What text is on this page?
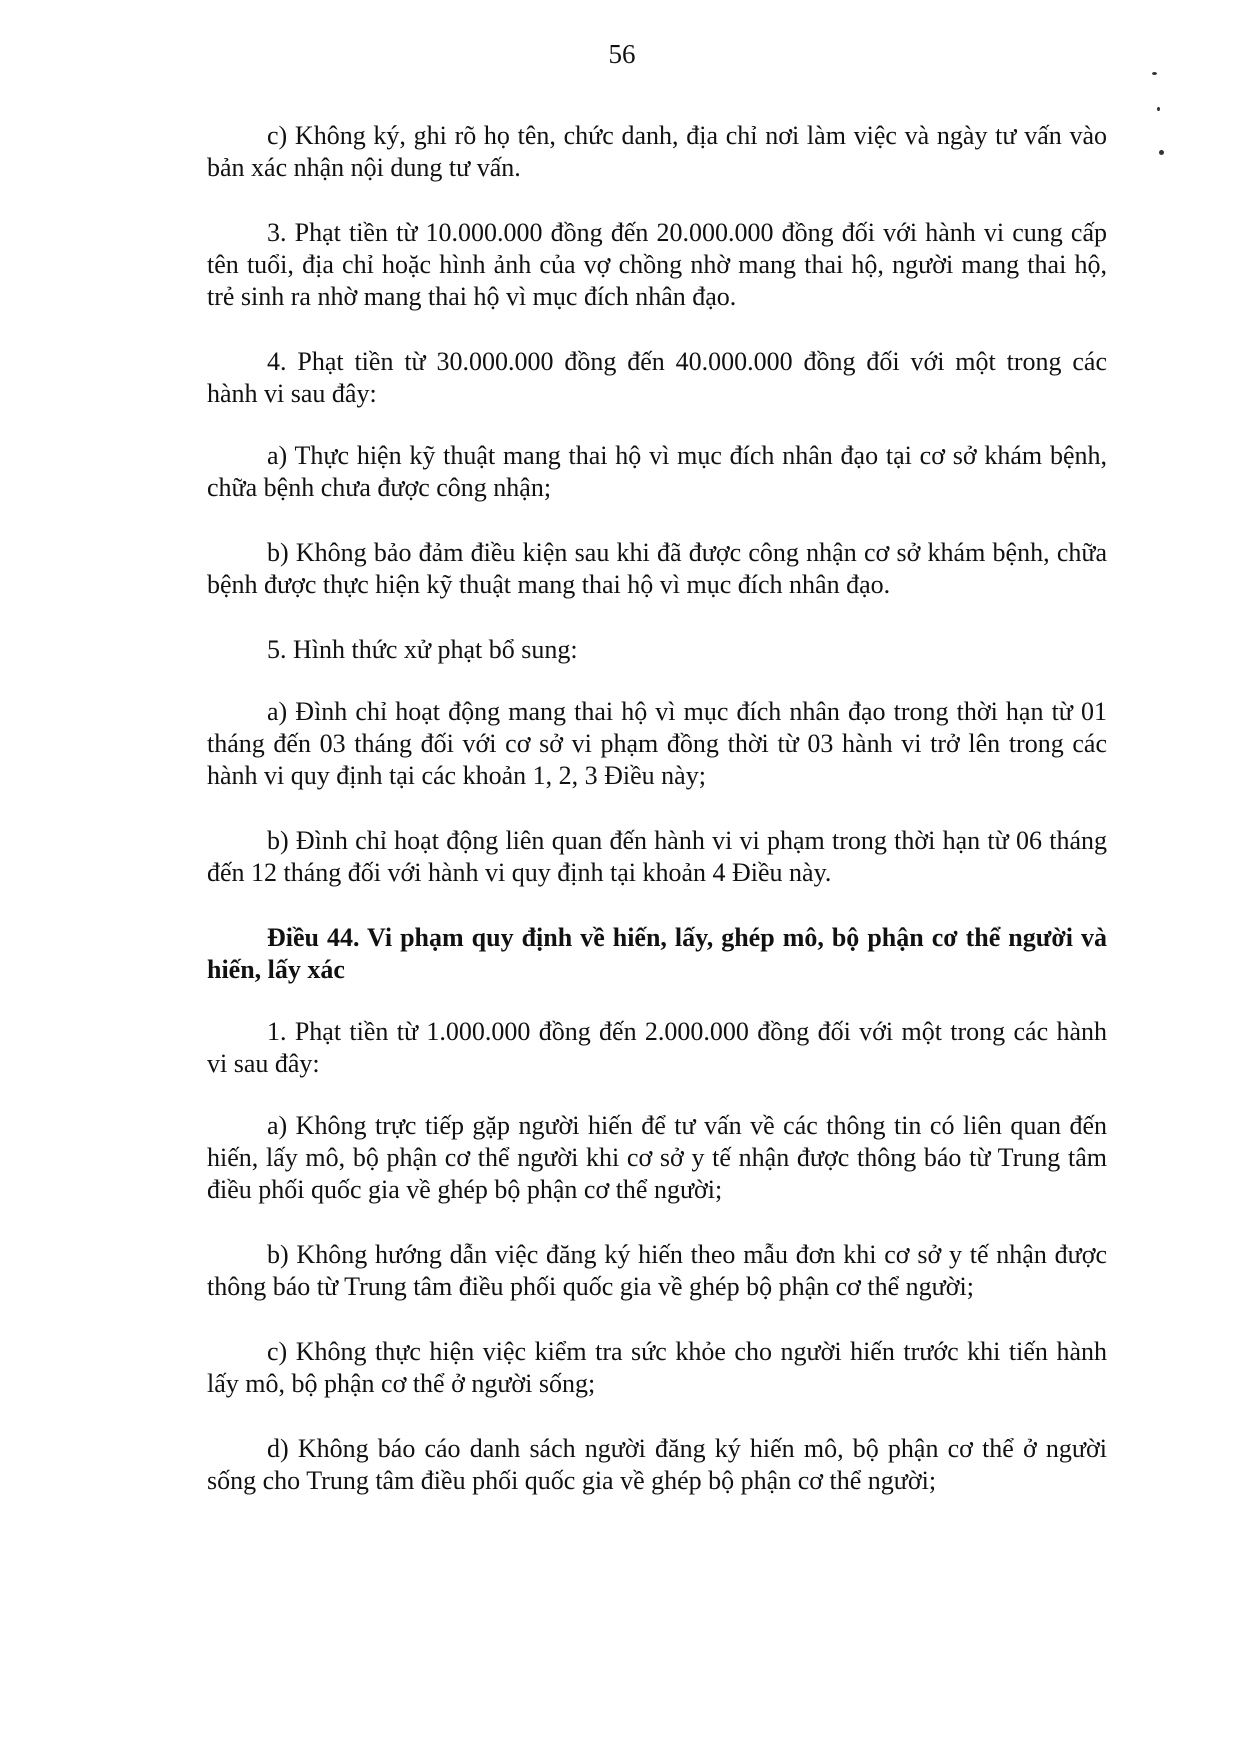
56

c) Không ký, ghi rõ họ tên, chức danh, địa chỉ nơi làm việc và ngày tư vấn vào bản xác nhận nội dung tư vấn.

3. Phạt tiền từ 10.000.000 đồng đến 20.000.000 đồng đối với hành vi cung cấp tên tuổi, địa chỉ hoặc hình ảnh của vợ chồng nhờ mang thai hộ, người mang thai hộ, trẻ sinh ra nhờ mang thai hộ vì mục đích nhân đạo.

4. Phạt tiền từ 30.000.000 đồng đến 40.000.000 đồng đối với một trong các hành vi sau đây:

a) Thực hiện kỹ thuật mang thai hộ vì mục đích nhân đạo tại cơ sở khám bệnh, chữa bệnh chưa được công nhận;

b) Không bảo đảm điều kiện sau khi đã được công nhận cơ sở khám bệnh, chữa bệnh được thực hiện kỹ thuật mang thai hộ vì mục đích nhân đạo.

5. Hình thức xử phạt bổ sung:

a) Đình chỉ hoạt động mang thai hộ vì mục đích nhân đạo trong thời hạn từ 01 tháng đến 03 tháng đối với cơ sở vi phạm đồng thời từ 03 hành vi trở lên trong các hành vi quy định tại các khoản 1, 2, 3 Điều này;

b) Đình chỉ hoạt động liên quan đến hành vi vi phạm trong thời hạn từ 06 tháng đến 12 tháng đối với hành vi quy định tại khoản 4 Điều này.

Điều 44. Vi phạm quy định về hiến, lấy, ghép mô, bộ phận cơ thể người và hiến, lấy xác

1. Phạt tiền từ 1.000.000 đồng đến 2.000.000 đồng đối với một trong các hành vi sau đây:

a) Không trực tiếp gặp người hiến để tư vấn về các thông tin có liên quan đến hiến, lấy mô, bộ phận cơ thể người khi cơ sở y tế nhận được thông báo từ Trung tâm điều phối quốc gia về ghép bộ phận cơ thể người;

b) Không hướng dẫn việc đăng ký hiến theo mẫu đơn khi cơ sở y tế nhận được thông báo từ Trung tâm điều phối quốc gia về ghép bộ phận cơ thể người;

c) Không thực hiện việc kiểm tra sức khỏe cho người hiến trước khi tiến hành lấy mô, bộ phận cơ thể ở người sống;

d) Không báo cáo danh sách người đăng ký hiến mô, bộ phận cơ thể ở người sống cho Trung tâm điều phối quốc gia về ghép bộ phận cơ thể người;
